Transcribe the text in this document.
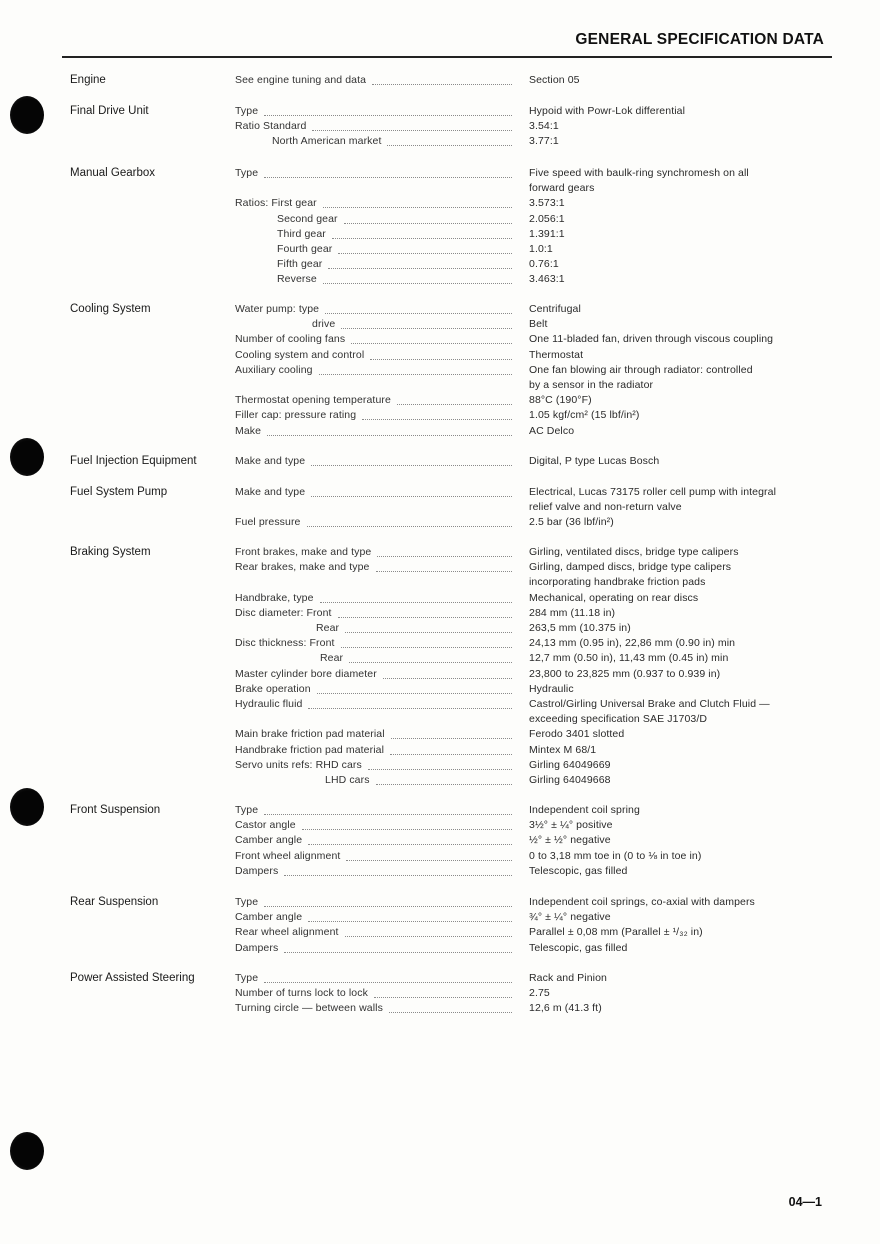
GENERAL SPECIFICATION DATA
Engine	See engine tuning and data	Section 05
Final Drive Unit	Type	Hypoid with Powr-Lok differential
Ratio Standard	3.54:1
North American market	3.77:1
Manual Gearbox	Type	Five speed with baulk-ring synchromesh on all
forward gears
Ratios: First gear	3.573:1
Second gear	2.056:1
Third gear	1.391:1
Fourth gear	1.0:1
Fifth gear	0.76:1
Reverse	3.463:1
Cooling System	Water pump: type	Centrifugal
drive	Belt
Number of cooling fans	One 11-bladed fan, driven through viscous coupling
Cooling system and control	Thermostat
Auxiliary cooling	One fan blowing air through radiator: controlled
by a sensor in the radiator
Thermostat opening temperature	88°C (190°F)
Filler cap: pressure rating	1.05 kgf/cm² (15 lbf/in²)
Make	AC Delco
Fuel Injection Equipment	Make and type	Digital, P type Lucas Bosch
Fuel System Pump	Make and type	Electrical, Lucas 73175 roller cell pump with integral
relief valve and non-return valve
Fuel pressure	2.5 bar (36 lbf/in²)
Braking System	Front brakes, make and type	Girling, ventilated discs, bridge type calipers
Rear brakes, make and type	Girling, damped discs, bridge type calipers
incorporating handbrake friction pads
Handbrake, type	Mechanical, operating on rear discs
Disc diameter: Front	284 mm (11.18 in)
Rear	263,5 mm (10.375 in)
Disc thickness: Front	24,13 mm (0.95 in), 22,86 mm (0.90 in) min
Rear	12,7 mm (0.50 in), 11,43 mm (0.45 in) min
Master cylinder bore diameter	23,800 to 23,825 mm (0.937 to 0.939 in)
Brake operation	Hydraulic
Hydraulic fluid	Castrol/Girling Universal Brake and Clutch Fluid —
exceeding specification SAE J1703/D
Main brake friction pad material	Ferodo 3401 slotted
Handbrake friction pad material	Mintex M 68/1
Servo units refs: RHD cars	Girling 64049669
LHD cars	Girling 64049668
Front Suspension	Type	Independent coil spring
Castor angle	3½° ± ¼° positive
Camber angle	½° ± ½° negative
Front wheel alignment	0 to 3,18 mm toe in (0 to ⅛ in toe in)
Dampers	Telescopic, gas filled
Rear Suspension	Type	Independent coil springs, co-axial with dampers
Camber angle	¾° ± ¼° negative
Rear wheel alignment	Parallel ± 0,08 mm (Parallel ± ¹/₃₂ in)
Dampers	Telescopic, gas filled
Power Assisted Steering	Type	Rack and Pinion
Number of turns lock to lock	2.75
Turning circle — between walls	12,6 m (41.3 ft)
04—1
